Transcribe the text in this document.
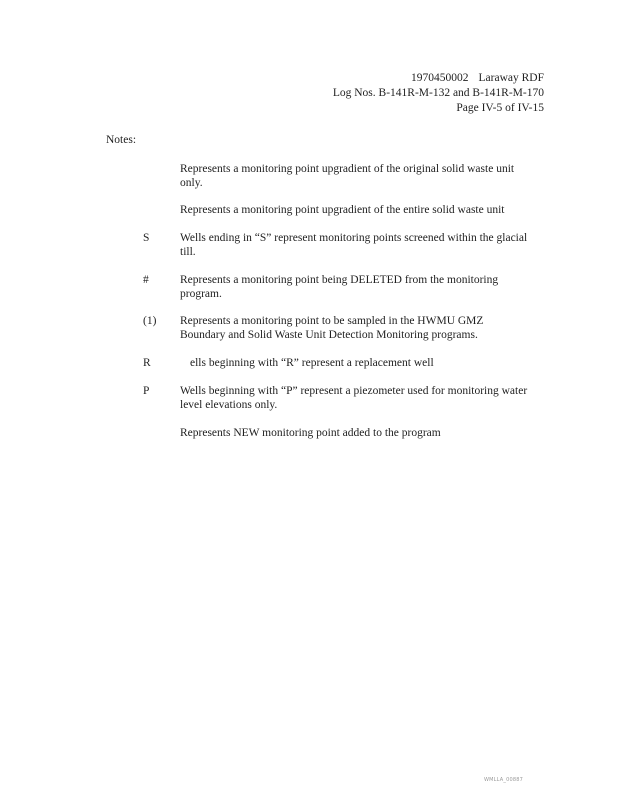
1970450002 Laraway RDF
Log Nos. B-141R-M-132 and B-141R-M-170
Page IV-5 of IV-15
Notes:
Represents a monitoring point upgradient of the original solid waste unit only.
Represents a monitoring point upgradient of the entire solid waste unit
S	Wells ending in “S” represent monitoring points screened within the glacial till.
#	Represents a monitoring point being DELETED from the monitoring program.
(1) Represents a monitoring point to be sampled in the HWMU GMZ Boundary and Solid Waste Unit Detection Monitoring programs.
R	ells beginning with “R” represent a replacement well
P	Wells beginning with “P” represent a piezometer used for monitoring water level elevations only.
Represents NEW monitoring point added to the program
WMLLA_00887
